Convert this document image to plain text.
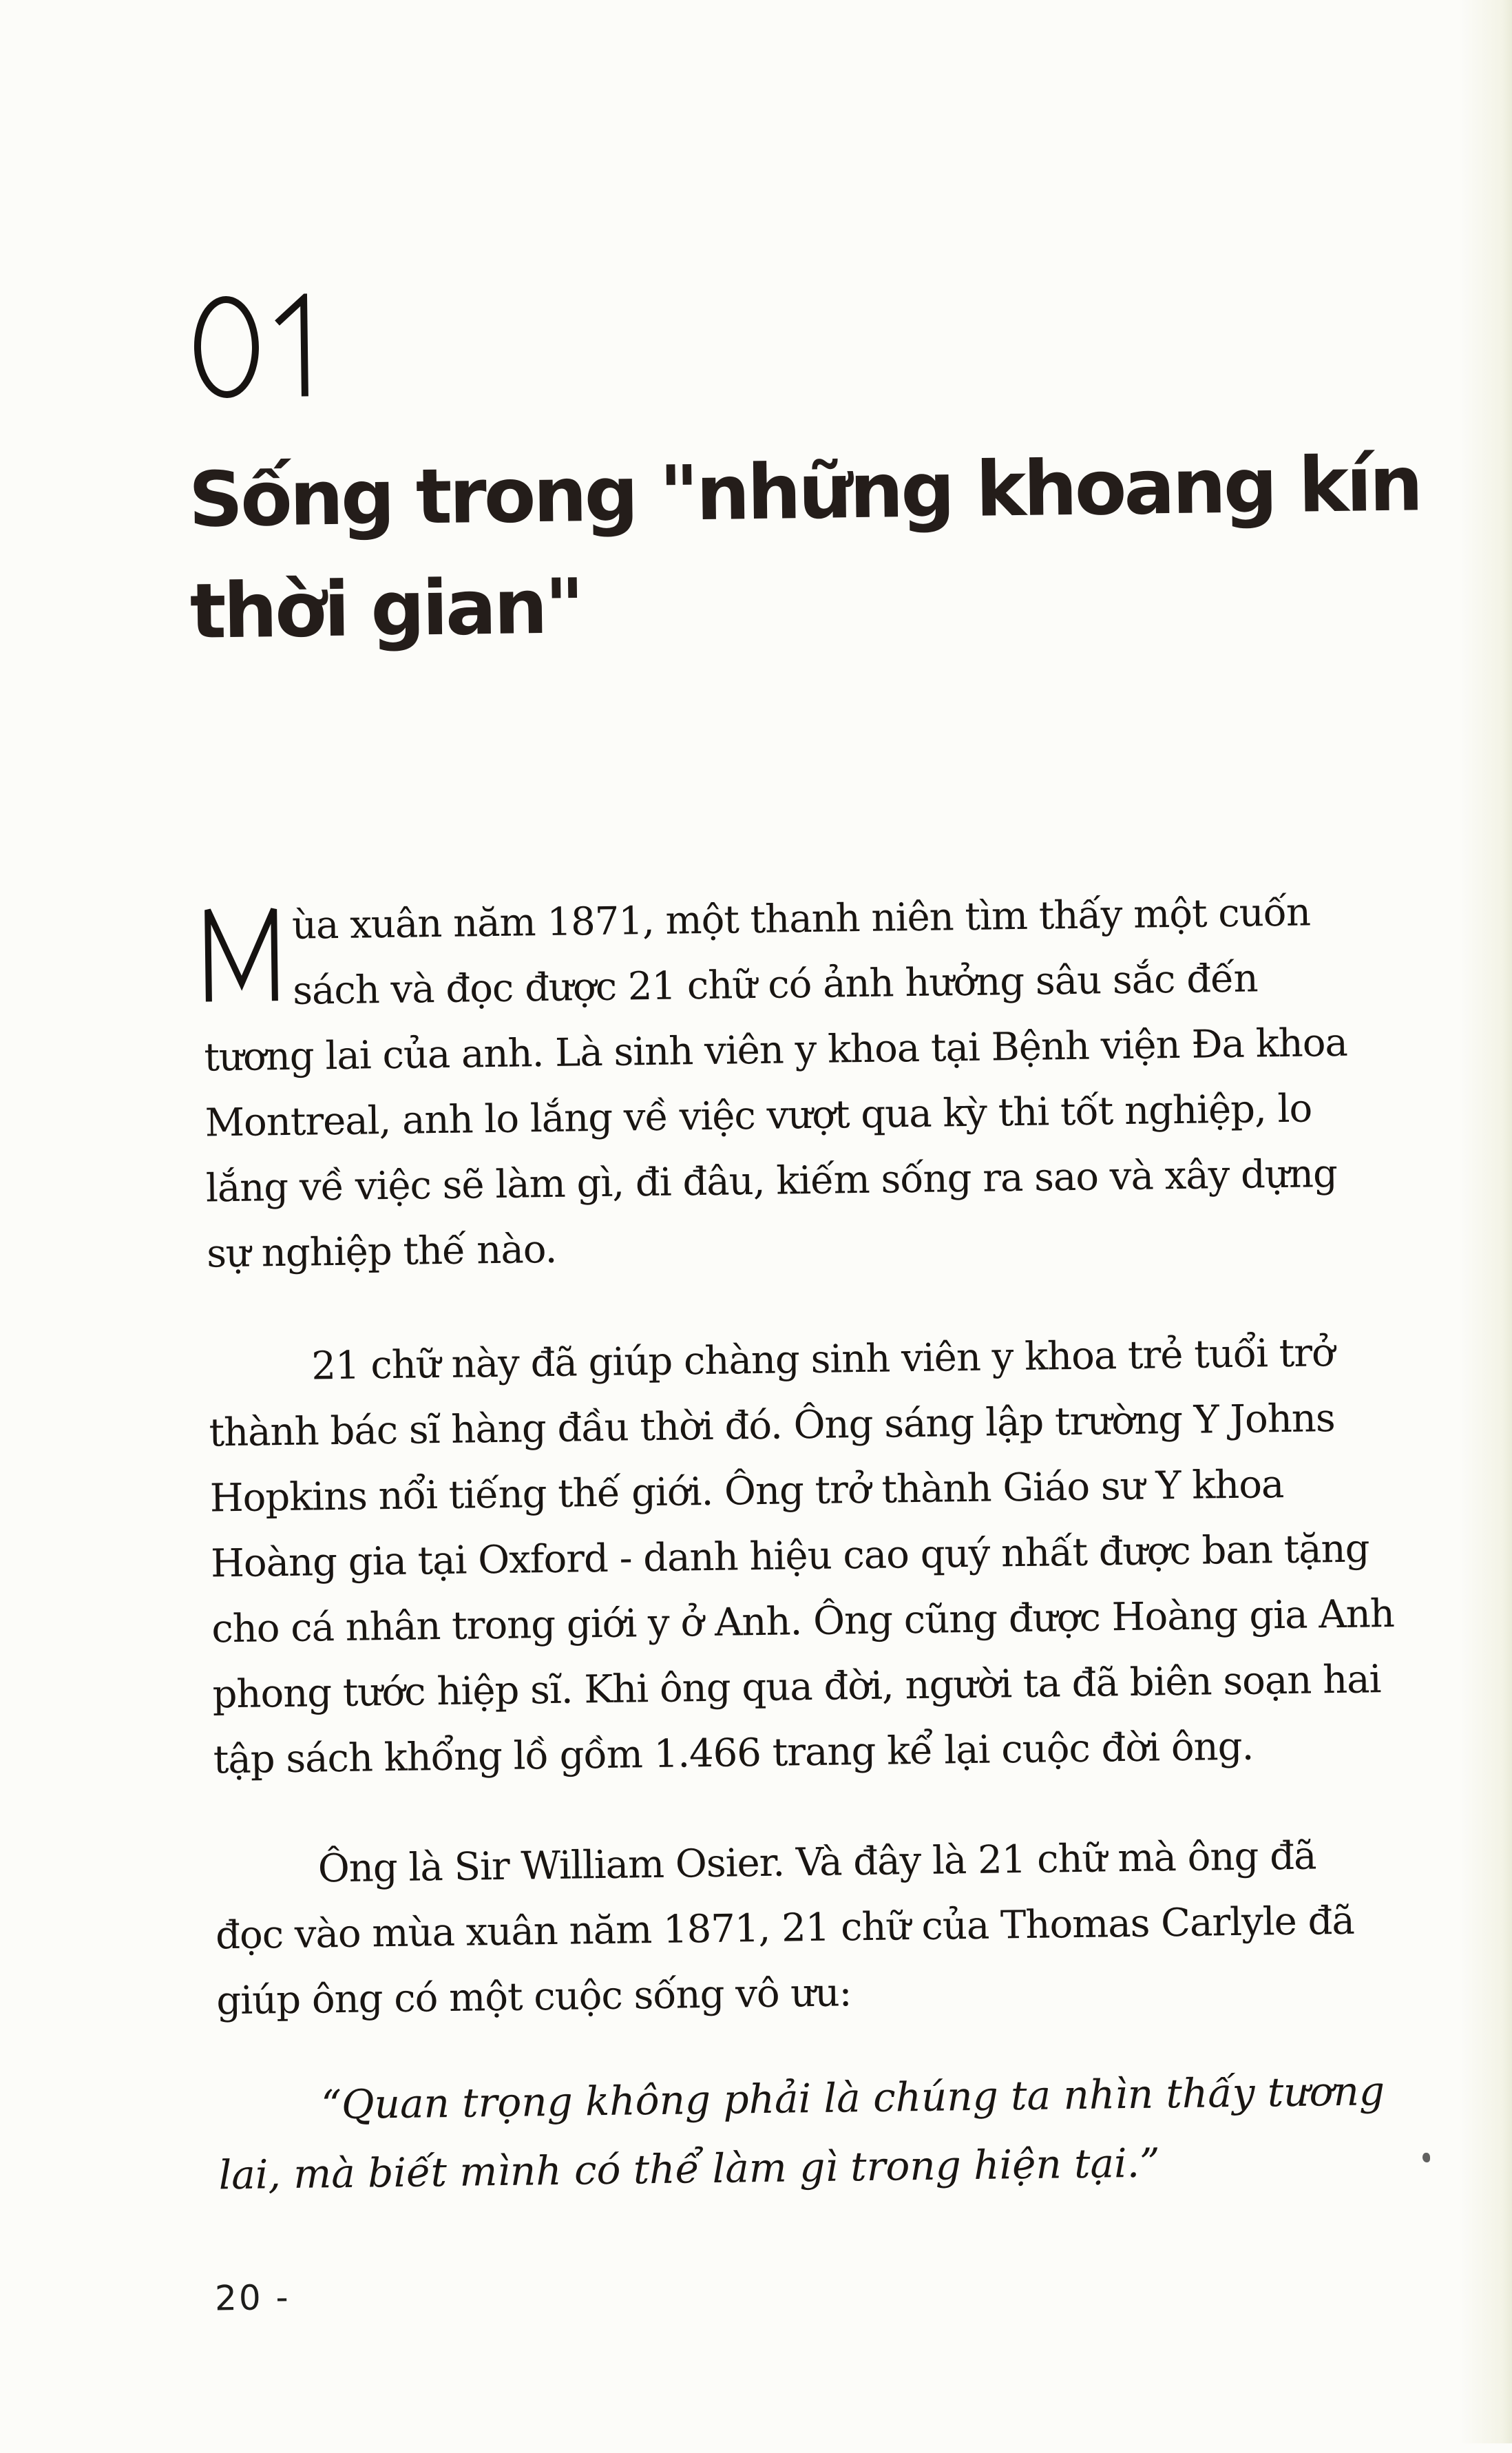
Sống trong "những khoang kín
thời gian"
ùa xuân năm 1871, một thanh niên tìm thấy một cuốn
sách và đọc được 21 chữ có ảnh hưởng sâu sắc đến
tương lai của anh. Là sinh viên y khoa tại Bệnh viện Đa khoa
Montreal, anh lo lắng về việc vượt qua kỳ thi tốt nghiệp, lo
lắng về việc sẽ làm gì, đi đâu, kiếm sống ra sao và xây dựng
sự nghiệp thế nào.
21 chữ này đã giúp chàng sinh viên y khoa trẻ tuổi trở
thành bác sĩ hàng đầu thời đó. Ông sáng lập trường Y Johns
Hopkins nổi tiếng thế giới. Ông trở thành Giáo sư Y khoa
Hoàng gia tại Oxford - danh hiệu cao quý nhất được ban tặng
cho cá nhân trong giới y ở Anh. Ông cũng được Hoàng gia Anh
phong tước hiệp sĩ. Khi ông qua đời, người ta đã biên soạn hai
tập sách khổng lồ gồm 1.466 trang kể lại cuộc đời ông.
Ông là Sir William Osier. Và đây là 21 chữ mà ông đã
đọc vào mùa xuân năm 1871, 21 chữ của Thomas Carlyle đã
giúp ông có một cuộc sống vô ưu:
“Quan trọng không phải là chúng ta nhìn thấy tương
lai, mà biết mình có thể làm gì trong hiện tại.”
20 -
